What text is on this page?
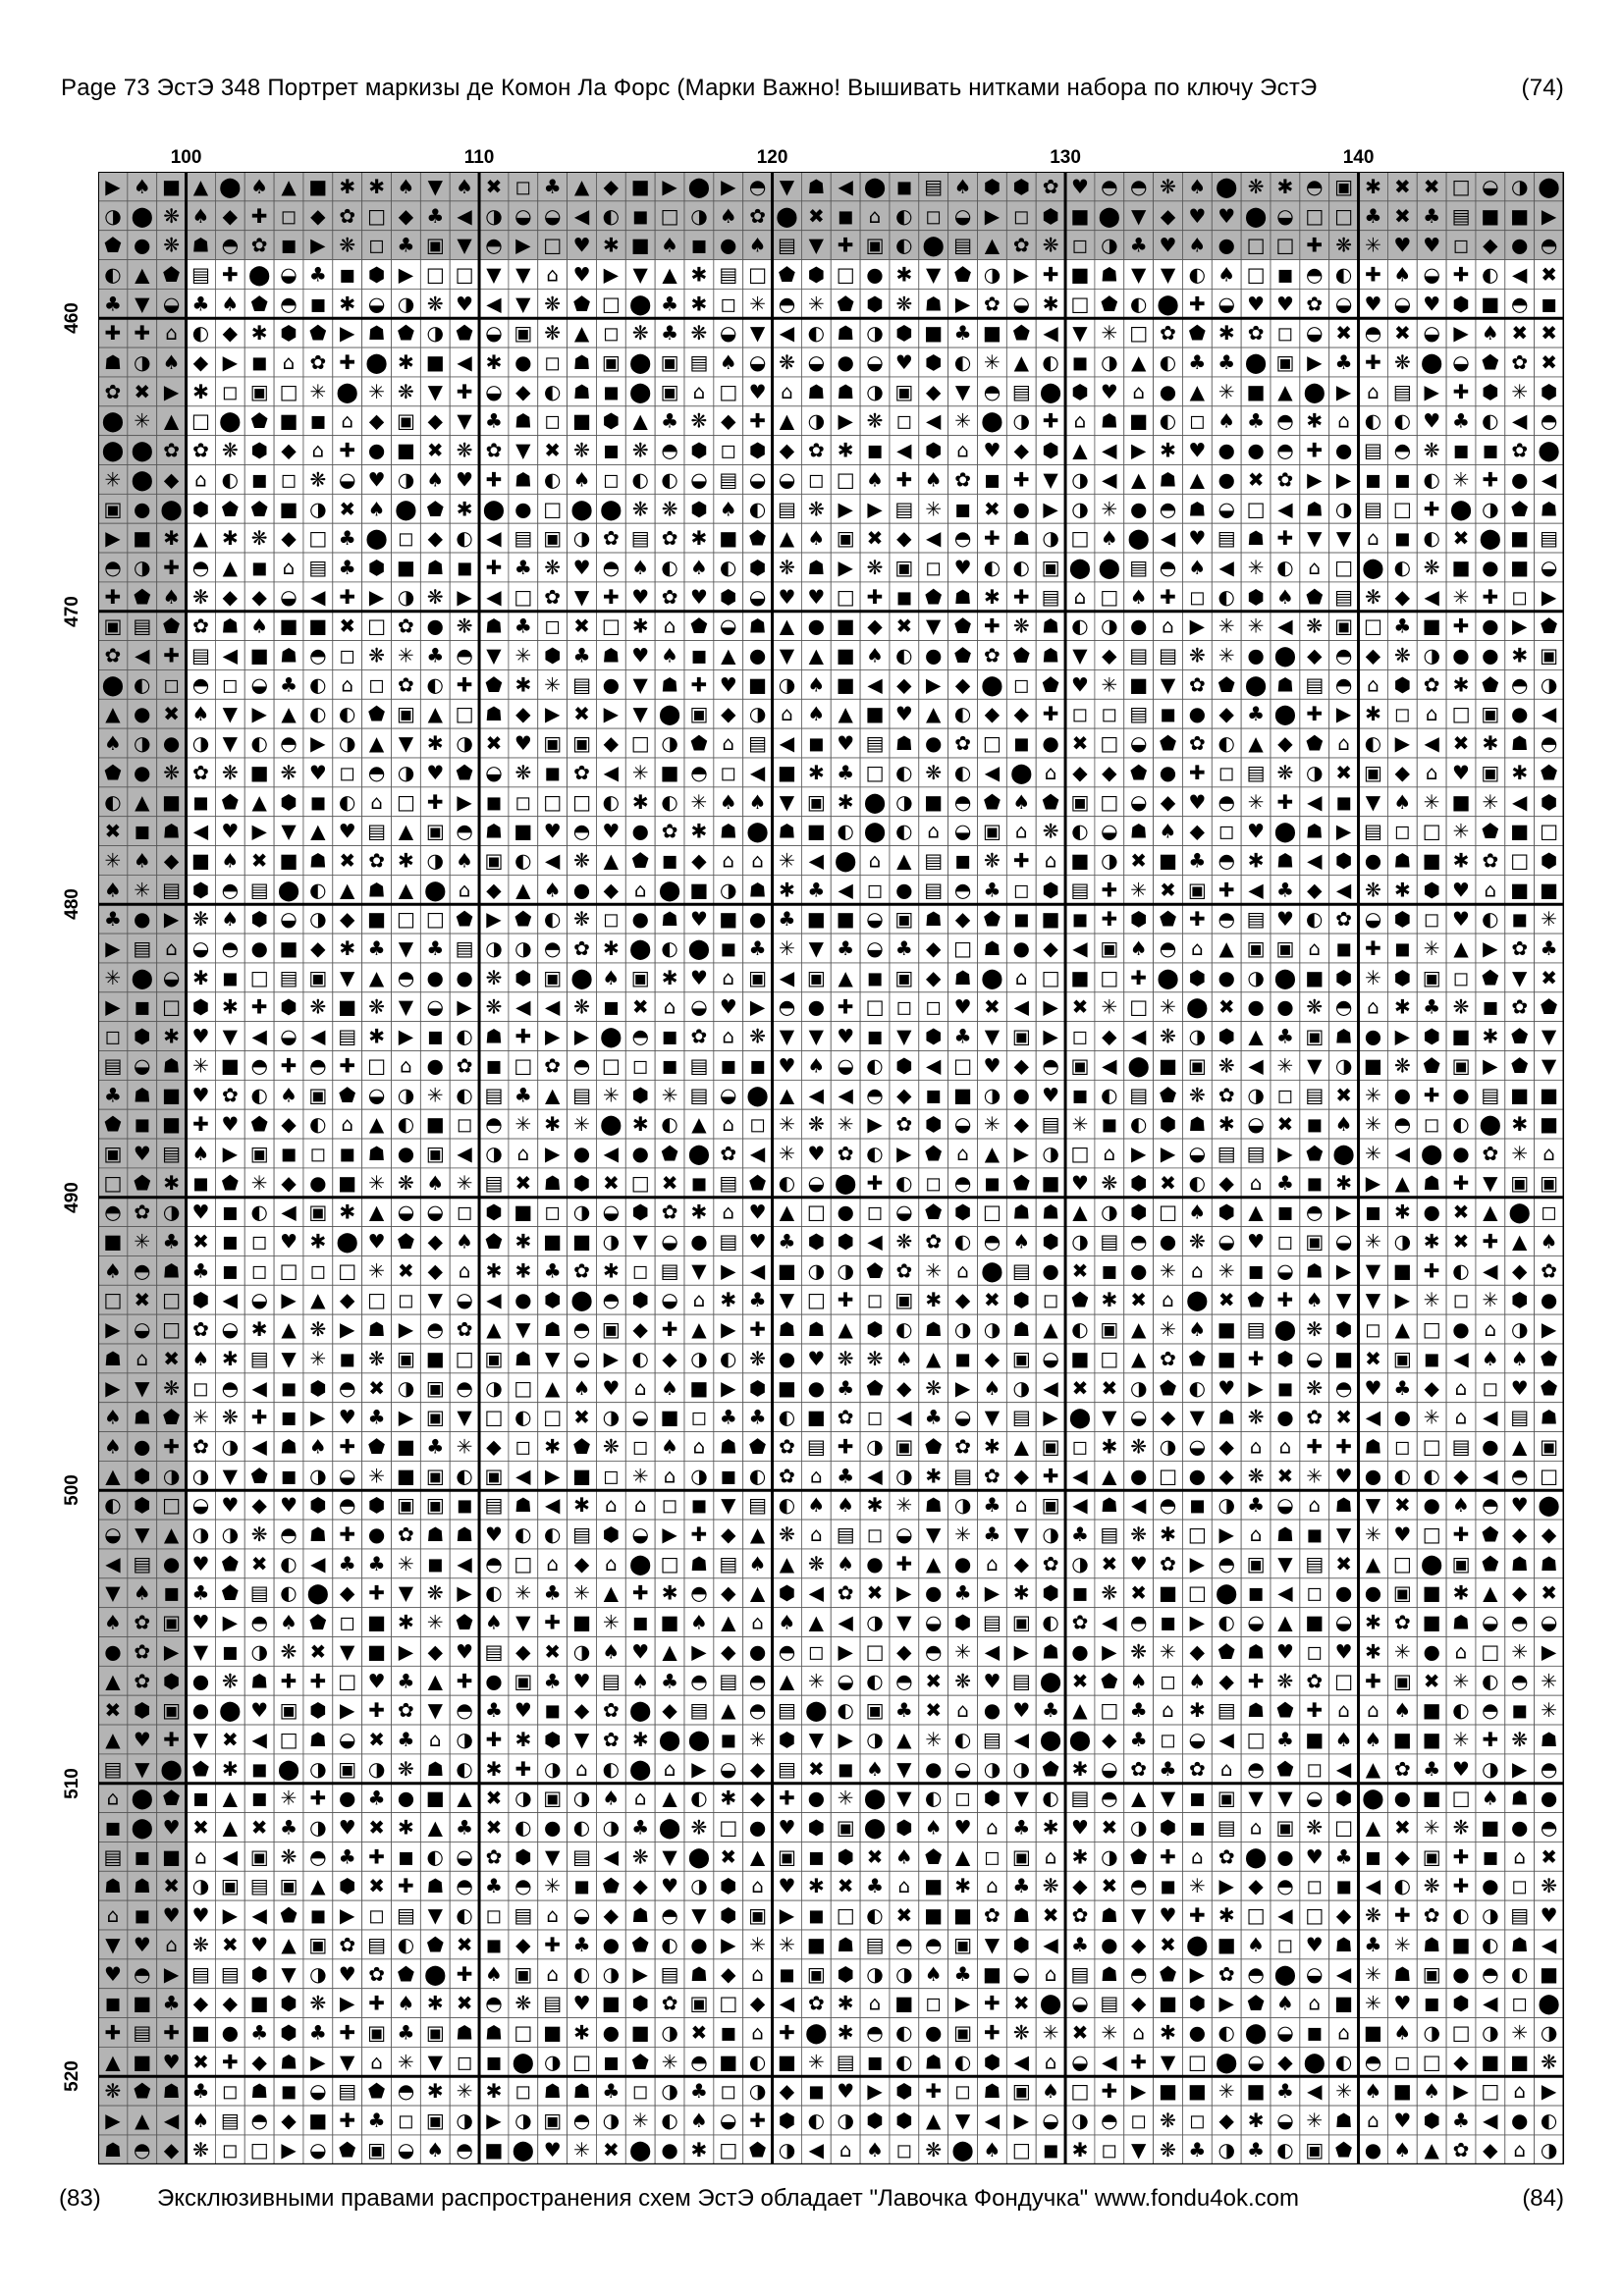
Page 73 ЭстЭ 348 Портрет маркизы де Комон Ла Форс (Марки Важно! Вышивать нитками набора по ключу ЭстЭ	(74)
100	110	120	130	140
460
470
480
490
500
510
520
▶ ♠ ■ ▲ ⬤ ♠ ▲ ■ ✱ ✱ ♠ ▼ ♠ ✖ ◻ ♣ ▲ ◆ ■ ▶ ⬤ ▶ ◓ ▼ ☗ ◀ ⬤ ◼ ▤ ♠ ⬢ ⬢ ✿ ♥ ◓ ◓ ❋ ♠ ⬤ ❋ ✱ ◓ ▣ ✱ ✖ ✖ □ ◒ ◑ ⬤
◑ ⬤ ❋ ♠ ◆ ✚ ◻ ◆ ✿ □ ◆ ♣ ◀ ◑ ◒ ◒ ◀ ◐ ◼ □ ◑ ♠ ✿ ⬤ ✖ ◼ ⌂ ◐ ◻ ◒ ▶ ◻ ⬢ ■ ⬤ ▼ ◆ ♥ ♥ ⬤ ◒ □ □ ♣ ✖ ♣ ▤ ■ ■ ▶
⬟ ● ❋ ☗ ◓ ✿ ◼ ▶ ❋ ◻ ♣ ▣ ▼ ◓ ▶ □ ♥ ✱ ■ ♠ ◼ ● ♠ ▤ ▼ ✚ ▣ ◐ ⬤ ▤ ▲ ✿ ❋ ◻ ◑ ♣ ♥ ♠ ● □ □ ✚ ❋ ✳ ♥ ♥ ◻ ◆ ● ◓
◐ ▲ ⬟ ▤ ✚ ⬤ ◒ ♣ ◼ ⬢ ▶ □ □ ▼ ▼ ⌂ ♥ ▶ ▼ ▲ ✱ ▤ □ ⬟ ⬢ □ ● ✱ ▼ ⬟ ◑ ▶ ✚ ■ ☗ ▼ ▼ ◐ ♠ □ ◼ ◓ ◐ ✚ ♠ ◒ ✚ ◐ ◀ ✖
♣ ▼ ◒ ♣ ♠ ⬟ ◓ ◼ ✱ ◒ ◑ ❋ ♥ ◀ ▼ ❋ ⬟ □ ⬤ ♣ ✱ ◻ ✳ ◓ ✳ ⬟ ⬢ ❋ ☗ ▶ ✿ ◒ ✱ □ ⬟ ◐ ⬤ ✚ ◒ ♥ ♥ ✿ ◒ ♥ ◒ ♥ ⬢ ■ ◓ ◼
✚ ✚ ⌂ ◐ ◆ ✱ ⬢ ⬟ ▶ ☗ ⬟ ◑ ⬟ ◒ ▣ ❋ ▲ ◻ ❋ ♣ ❋ ◒ ▼ ◀ ◐ ☗ ◑ ⬢ ■ ♣ ■ ⬟ ◀ ▼ ✳ □ ✿ ⬟ ✱ ✿ ◻ ◒ ✖ ◓ ✖ ◒ ▶ ♠ ✖ ✖
☗ ◑ ♠ ◆ ▶ ◼ ⌂ ✿ ✚ ⬤ ✱ ■ ◀ ✱ ● ◻ ☗ ▣ ⬤ ▣ ▤ ♠ ◒ ❋ ◒ ● ◒ ♥ ⬢ ◐ ✳ ▲ ◐ ◼ ◑ ▲ ◐ ♣ ♣ ⬤ ▣ ▶ ♣ ✚ ❋ ⬤ ◒ ⬟ ✿ ✖
✿ ✖ ▶ ✱ ◻ ▣ □ ✳ ⬤ ✳ ❋ ▼ ✚ ◒ ◆ ◐ ☗ ◼ ⬤ ▣ ⌂ □ ♥ ⌂ ☗ ☗ ◑ ▣ ◆ ▼ ◓ ▤ ⬤ ⬢ ♥ ⌂ ● ▲ ✳ ■ ▲ ⬤ ▶ ⌂ ▤ ▶ ✚ ⬢ ✳ ⬢
⬤ ✳ ▲ □ ⬤ ⬟ ■ ◼ ⌂ ◆ ▣ ◆ ▼ ♣ ☗ ◻ ■ ⬢ ▲ ♣ ❋ ◆ ✚ ▲ ◑ ▶ ❋ ◻ ◀ ✳ ⬤ ◑ ✚ ⌂ ☗ ■ ◐ ◻ ♠ ♣ ◓ ✱ ⌂ ◐ ◐ ♥ ♣ ◐ ◀ ◓
⬤ ⬤ ✿ ✿ ❋ ⬢ ◆ ⌂ ✚ ● ■ ✖ ❋ ✿ ▼ ✖ ❋ ◼ ❋ ◓ ⬢ ◻ ⬢ ◆ ✿ ✱ ◼ ◀ ⬢ ⌂ ♥ ◆ ⬢ ▲ ◀ ▶ ✱ ♥ ● ● ◓ ✚ ● ▤ ◓ ❋ ◼ ◼ ✿ ⬤
✳ ⬤ ◆ ⌂ ◐ ◼ ◻ ❋ ◒ ♥ ◑ ♠ ♥ ✚ ☗ ◐ ♠ ◻ ◐ ◐ ◒ ▤ ◒ ◒ ◻ □ ♠ ✚ ♠ ✿ ◼ ✚ ▼ ◑ ◀ ▲ ☗ ▲ ● ✖ ✿ ▶ ▶ ◼ ◼ ◐ ✳ ✚ ● ◀
▣ ● ⬤ ⬢ ⬟ ⬟ ■ ◑ ✖ ♠ ⬤ ⬟ ✱ ⬤ ● □ ⬤ ⬤ ❋ ❋ ⬢ ♠ ◐ ▤ ❋ ▶ ▶ ▤ ✳ ◼ ✖ ● ▶ ◑ ✳ ● ◓ ☗ ◒ □ ◀ ☗ ◑ ▤ □ ✚ ⬤ ◑ ⬟ ☗
▶ ■ ✱ ▲ ✱ ❋ ◆ □ ♣ ⬤ ◻ ◆ ◐ ◀ ▤ ▣ ◑ ✿ ▤ ✿ ✱ ■ ⬟ ▲ ♠ ▣ ✖ ◆ ◀ ◓ ✚ ☗ ◑ □ ♠ ⬤ ◀ ♥ ▤ ☗ ✚ ▼ ▼ ⌂ ◼ ◐ ✖ ⬤ ■ ▤
◓ ◑ ✚ ◓ ▲ ◼ ⌂ ▤ ♣ ⬢ ■ ☗ ◼ ✚ ♣ ❋ ♥ ◓ ♠ ◐ ♠ ◐ ⬢ ❋ ☗ ▶ ❋ ▣ ◻ ♥ ◐ ◐ ▣ ⬤ ⬤ ▤ ◓ ♠ ◀ ✳ ◐ ⌂ □ ⬤ ◐ ❋ ■ ● ■ ◒
✚ ⬟ ♠ ❋ ◆ ◆ ◒ ◀ ✚ ▶ ◑ ❋ ▶ ◀ □ ✿ ▼ ✚ ♥ ✿ ♥ ⬢ ◒ ♥ ♥ □ ✚ ◼ ⬟ ☗ ✱ ✚ ▤ ⌂ □ ♠ ✚ ◻ ◐ ⬢ ♠ ⬟ ▤ ❋ ◆ ◀ ✳ ✚ ◻ ▶
▣ ▤ ⬟ ✿ ☗ ♠ ■ ■ ✖ □ ✿ ● ❋ ☗ ♣ ◻ ✖ □ ✱ ⌂ ⬟ ◒ ☗ ▲ ● ■ ◆ ✖ ▼ ⬟ ✚ ❋ ☗ ◐ ◑ ● ⌂ ▶ ✳ ✳ ◀ ❋ ▣ □ ♣ ■ ✚ ● ▶ ⬟
✿ ◀ ✚ ▤ ◀ ■ ☗ ◓ ◻ ❋ ✳ ♣ ◓ ▼ ✳ ⬢ ♣ ☗ ♥ ♠ ◼ ▲ ● ▼ ▲ ■ ♠ ◐ ● ⬟ ✿ ⬟ ☗ ▼ ◆ ▤ ▤ ❋ ✳ ● ⬤ ◆ ◓ ◆ ❋ ◑ ● ● ✱ ▣
⬤ ◐ ◻ ◓ ◻ ◒ ♣ ◐ ⌂ ◻ ✿ ◐ ✚ ⬟ ✱ ✳ ▤ ● ▼ ☗ ✚ ♥ ■ ◑ ♠ ■ ◀ ◆ ▶ ◆ ⬤ ◻ ⬟ ♥ ✳ ■ ▼ ✿ ⬟ ⬤ ☗ ▤ ◓ ⌂ ⬢ ✿ ✱ ⬟ ◓ ◑
▲ ● ✖ ♠ ▼ ▶ ▲ ◐ ◐ ⬟ ▣ ▲ □ ☗ ◆ ▶ ✖ ▶ ▼ ⬤ ▣ ◆ ◑ ⌂ ♠ ▲ ■ ♥ ▲ ◐ ◆ ◆ ✚ ◻ ◻ ▤ ◼ ● ◆ ♣ ⬤ ✚ ▶ ✱ ◻ ⌂ □ ▣ ● ◀
♠ ◑ ● ◑ ▼ ◐ ◓ ▶ ◑ ▲ ▼ ✱ ◑ ✖ ♥ ▣ ▣ ◆ □ ◑ ⬟ ⌂ ▤ ◀ ◼ ♥ ▤ ☗ ● ✿ □ ◼ ● ✖ □ ◒ ⬟ ✿ ◐ ▲ ◆ ⬟ ⌂ ◐ ▶ ◀ ✖ ✱ ☗ ◓
⬟ ● ❋ ✿ ❋ ■ ❋ ♥ ◻ ◓ ◑ ♥ ⬟ ◒ ❋ ◼ ✿ ◀ ✳ ■ ◓ ◻ ◀ ■ ✱ ♣ □ ◐ ❋ ◐ ◀ ⬤ ⌂ ◆ ◆ ⬟ ● ✚ ◻ ▤ ❋ ◑ ✖ ▣ ◆ ⌂ ♥ ▣ ✱ ⬟
◐ ▲ ■ ◼ ⬟ ▲ ⬢ ◼ ◐ ⌂ □ ✚ ▶ ◼ ◻ □ □ ◐ ✱ ◐ ✳ ♠ ♠ ▼ ▣ ✱ ⬤ ◑ ■ ◓ ⬟ ♠ ⬟ ▣ □ ◒ ◆ ♥ ◓ ✳ ✚ ◀ ◼ ▼ ♠ ✳ ■ ✳ ◀ ⬢
✖ ◼ ☗ ◀ ♥ ▶ ▼ ▲ ♥ ▤ ▲ ▣ ◓ ☗ ■ ♥ ◓ ♥ ● ✿ ✱ ☗ ⬤ ☗ ■ ◐ ⬤ ◐ ⌂ ◒ ▣ ⌂ ❋ ◐ ◒ ☗ ♠ ◆ ◻ ♥ ⬤ ☗ ▶ ▤ ◻ □ ✳ ⬟ ■ □
✳ ♠ ◆ ■ ♠ ✖ ■ ☗ ✖ ✿ ✱ ◑ ♠ ▣ ◐ ◀ ❋ ▲ ⬟ ◼ ◆ ⌂ ⌂ ✳ ◀ ⬤ ⌂ ▲ ▤ ◼ ❋ ✚ ⌂ ■ ◑ ✖ ■ ♣ ◓ ✱ ☗ ◀ ⬢ ● ☗ ■ ✱ ✿ □ ⬢
♠ ✳ ▤ ⬢ ◓ ▤ ⬤ ◐ ▲ ☗ ▲ ⬤ ⌂ ◆ ▲ ♠ ● ◆ ⌂ ⬤ ■ ◑ ☗ ✱ ♣ ◀ ◻ ● ▤ ◓ ♣ ◻ ⬢ ▤ ✚ ✳ ✖ ▣ ✚ ◀ ♣ ◆ ◀ ❋ ✱ ⬢ ♥ ⌂ ■ ■
♣ ● ▶ ❋ ♠ ⬢ ◒ ◑ ◆ ■ □ □ ⬟ ▶ ⬟ ◐ ❋ ◻ ● ☗ ♥ ■ ● ♣ ■ ■ ◒ ▣ ☗ ◆ ⬟ ◼ ■ ◼ ✚ ⬢ ⬟ ✚ ◓ ▤ ♥ ◐ ✿ ◒ ⬢ ◻ ♥ ◐ ◼ ✳
▶ ▤ ⌂ ◒ ◓ ● ■ ◆ ✱ ♣ ▼ ♣ ▤ ◑ ◑ ◓ ✿ ✱ ⬤ ◐ ⬤ ◼ ♣ ✳ ▼ ♣ ◒ ♣ ◆ □ ☗ ● ◆ ◀ ▣ ♠ ◓ ⌂ ▲ ▣ ▣ ⌂ ◼ ✚ ◼ ✳ ▲ ▶ ✿ ♣
✳ ⬤ ◒ ✱ ◼ □ ▤ ▣ ▼ ▲ ◓ ● ● ❋ ⬢ ▣ ⬤ ♠ ▣ ✱ ♥ ⌂ ▣ ◀ ▣ ▲ ◼ ▣ ◆ ☗ ⬤ ⌂ □ ■ □ ✚ ⬤ ⬢ ● ◑ ⬤ ■ ⬢ ✳ ⬢ ▣ ◻ ⬟ ▼ ✖
▶ ◼ □ ⬢ ✱ ✚ ⬢ ❋ ■ ❋ ▼ ◒ ▶ ❋ ◀ ◀ ❋ ◼ ✖ ⌂ ◒ ♥ ▶ ◓ ● ✚ □ ◻ ◻ ♥ ✖ ◀ ▶ ✖ ✳ □ ✳ ⬤ ✖ ● ● ❋ ◓ ⌂ ✱ ♣ ❋ ◼ ✿ ⬟
◻ ⬢ ✱ ♥ ▼ ◀ ◒ ◀ ▤ ✱ ▶ ◼ ◐ ☗ ✚ ▶ ▶ ⬤ ◓ ◼ ✿ ⌂ ❋ ▼ ▼ ♥ ◼ ▼ ⬢ ♣ ▼ ▣ ▶ ◻ ◆ ◀ ❋ ◑ ⬢ ▲ ♣ ▣ ☗ ● ▶ ⬢ ■ ✱ ⬟ ▼
▤ ◒ ☗ ✳ ■ ◓ ✚ ◓ ✚ □ ⌂ ● ✿ ◼ □ ✿ ◓ □ ◻ ◼ ▤ ◼ ◼ ♥ ♠ ◒ ◐ ⬢ ◀ □ ♥ ◆ ◓ ▣ ◀ ⬤ ■ ▣ ❋ ◀ ✳ ▼ ◑ ■ ❋ ⬟ ▣ ▶ ⬟ ▼
♣ ☗ ■ ♥ ✿ ◐ ♠ ▣ ⬟ ◒ ◑ ✳ ◐ ▤ ♣ ▲ ▤ ✳ ⬢ ✳ ▤ ◒ ⬤ ▲ ◀ ◀ ◓ ◆ ◼ ■ ◑ ● ♥ ◼ ◐ ▤ ⬟ ❋ ✿ ◑ ◻ ▤ ✖ ✳ ● ✚ ● ▤ ■ ■
⬟ ◼ ■ ✚ ♥ ⬟ ◆ ◐ ⌂ ▲ ◐ ■ ◻ ◓ ✳ ✱ ✳ ⬤ ✱ ◐ ▲ ⌂ ◻ ✳ ❋ ✳ ▶ ✿ ⬢ ◒ ✳ ◆ ▤ ✳ ◼ ◐ ⬢ ☗ ✱ ◒ ✖ ◼ ♠ ✳ ◓ ◻ ◐ ⬤ ✱ ■
▣ ♥ ▤ ♠ ▶ ▣ ◼ ◻ ◼ ☗ ● ▣ ◀ ◑ ⌂ ▶ ● ◀ ● ⬟ ⬤ ✿ ◀ ✳ ♥ ✿ ◐ ▶ ⬟ ⌂ ▲ ▶ ◑ □ ⌂ ▶ ▶ ◒ ▤ ▤ ▶ ⬟ ⬤ ✳ ◀ ⬤ ● ✿ ✳ ⌂
□ ⬟ ✱ ◼ ⬟ ✳ ◆ ● ■ ✳ ❋ ♠ ✳ ▤ ✖ ☗ ⬢ ✖ □ ✖ ◼ ▤ ⬟ ◐ ◒ ⬤ ✚ ◐ ◻ ◓ ◼ ⬟ ■ ♥ ❋ ⬢ ✖ ◐ ◆ ⌂ ♣ ◼ ✱ ▶ ▲ ☗ ✚ ▼ ▣ ▣
◓ ✿ ◑ ♥ ◼ ◐ ◀ ▣ ✱ ▲ ◒ ◒ ◻ ⬢ ■ ◻ ◑ ◒ ⬢ ✿ ✱ ⌂ ♥ ▲ □ ● ◻ ◒ ⬟ ⬢ □ ☗ ☗ ▲ ◑ ⬢ □ ♠ ⬢ ▲ ◼ ◓ ▶ ◼ ✱ ● ✖ ▲ ⬤ ◻
■ ✳ ♣ ✖ ◼ ◻ ♥ ✱ ⬤ ♥ ⬟ ◆ ♠ ⬟ ✱ ■ ■ ◑ ▼ ◒ ● ▤ ♥ ♣ ⬢ ⬢ ◀ ❋ ✿ ◐ ◓ ♠ ⬢ ◑ ▤ ◓ ● ❋ ◒ ♥ ◻ ▣ ◒ ✳ ◑ ✱ ✖ ✚ ▲ ♠
♠ ◓ ☗ ♣ ◼ ◻ □ ◻ □ ✳ ✖ ◆ ⌂ ✱ ✱ ♣ ✿ ✱ ◻ ▤ ▼ ▶ ◀ ■ ◑ ◑ ⬟ ✿ ✳ ⌂ ⬤ ▤ ● ✖ ◼ ● ✳ ⌂ ✳ ◼ ◒ ☗ ▶ ▼ ■ ✚ ◐ ◀ ◆ ✿
□ ✖ □ ⬢ ◀ ◒ ▶ ▲ ◆ □ ◻ ▼ ◒ ◀ ● ⬢ ⬤ ◓ ⬢ ◒ ⌂ ✱ ♣ ▼ □ ✚ ◻ ▣ ✱ ◆ ✖ ⬢ ◻ ⬟ ✱ ✖ ⌂ ⬤ ✖ ⬟ ✚ ♠ ▼ ▼ ▶ ✳ ◻ ✳ ⬢ ●
▶ ◒ □ ✿ ◒ ✱ ▲ ❋ ▶ ☗ ▶ ◓ ✿ ▲ ▼ ☗ ◓ ▣ ◆ ✚ ▲ ▶ ✚ ☗ ☗ ▲ ⬢ ◐ ☗ ◑ ◑ ☗ ▲ ◐ ▣ ▲ ✳ ♠ ■ ▤ ⬤ ❋ ⬢ ◻ ▲ □ ● ⌂ ◑ ▶
☗ ⌂ ✖ ♠ ✱ ▤ ▼ ✳ ◼ ❋ ▣ ■ □ ▣ ☗ ▼ ◒ ▶ ◐ ◆ ◑ ◐ ❋ ● ♥ ❋ ❋ ♠ ▲ ◼ ◆ ▣ ◒ ■ □ ▲ ✿ ⬟ ■ ✚ ⬢ ◒ ■ ✖ ▣ ◼ ◀ ♠ ♠ ⬟
▶ ▼ ❋ ◻ ◓ ◀ ◼ ⬢ ◓ ✖ ◑ ▣ ◓ ◑ □ ▲ ♠ ♥ ⌂ ♠ ■ ▶ ⬢ ■ ● ♣ ⬟ ◆ ❋ ▶ ♠ ◑ ◀ ✖ ✖ ◑ ⬟ ◐ ♥ ▶ ◼ ❋ ◓ ♥ ♣ ◆ ⌂ ◻ ♥ ⬟
♠ ☗ ⬟ ✳ ❋ ✚ ◼ ▶ ♥ ♣ ▶ ▣ ▼ □ ◐ □ ✖ ◑ ◒ ■ ◻ ♣ ♣ ◐ ■ ✿ ◻ ◀ ♣ ◒ ▼ ▤ ▶ ⬤ ▼ ◒ ◆ ▼ ☗ ❋ ● ✿ ✖ ◀ ● ✳ ⌂ ◀ ▤ ☗
♠ ● ✚ ✿ ◑ ◀ ☗ ♠ ✚ ⬟ ■ ♣ ✳ ◆ ◻ ✱ ⬟ ❋ ◻ ♠ ⌂ ☗ ⬟ ✿ ▤ ✚ ◑ ▣ ⬟ ✿ ✱ ▲ ▣ ◻ ✱ ❋ ◑ ◒ ◆ ⌂ ⌂ ✚ ✚ ☗ ◻ □ ▤ ● ▲ ▣
▲ ⬢ ◑ ◑ ▼ ⬟ ◼ ◑ ◒ ✳ ■ ▣ ◐ ▣ ◀ ▶ ■ ◻ ✳ ⌂ ◑ ◼ ◐ ✿ ⌂ ♣ ◀ ◑ ✱ ▤ ✿ ◆ ✚ ◀ ▲ ● □ ● ◆ ❋ ✖ ✳ ♥ ● ◐ ◐ ◆ ◀ ◓ □
◐ ⬢ □ ◒ ♥ ◆ ♥ ⬢ ◓ ⬢ ▣ ▣ ◼ ▤ ☗ ◀ ✱ ⌂ ⌂ ◻ ◼ ▼ ▤ ◐ ♠ ♠ ✱ ✳ ☗ ◑ ♣ ⌂ ▣ ◀ ☗ ◀ ◓ ◼ ◑ ♣ ◒ ⌂ ☗ ▼ ✖ ● ♠ ◓ ♥ ⬤
◒ ▼ ▲ ◑ ◑ ❋ ◓ ☗ ✚ ● ✿ ☗ ☗ ♥ ◐ ◐ ▤ ⬢ ◒ ▶ ✚ ◆ ▲ ❋ ⌂ ▤ ◻ ◒ ▼ ✳ ♣ ▼ ◑ ♣ ▤ ❋ ✱ □ ▶ ⌂ ☗ ◼ ▼ ✳ ♥ □ ✚ ⬟ ◆ ◆
◀ ▤ ● ♥ ⬟ ✖ ◐ ◀ ♣ ♣ ✳ ◼ ◀ ◓ □ ⌂ ◆ ⌂ ⬤ □ ☗ ▤ ♠ ▲ ❋ ♠ ● ✚ ▲ ● ⌂ ◆ ✿ ◑ ✖ ♥ ✿ ▶ ◓ ▣ ▼ ▤ ✖ ▲ □ ⬤ ▣ ⬟ ☗ ☗
▼ ♠ ◼ ♣ ⬟ ▤ ◐ ⬤ ◆ ✚ ▼ ❋ ▶ ◐ ✳ ♣ ✳ ▲ ✚ ✱ ◓ ◆ ▲ ⬢ ◀ ✿ ✖ ▶ ● ♣ ▶ ✱ ⬢ ◼ ❋ ✖ ■ □ ⬤ ◼ ◀ ◻ ● ● ▣ ■ ✱ ▲ ◆ ✖
♠ ✿ ▣ ♥ ▶ ◓ ♠ ⬟ ◻ ■ ✱ ✳ ⬟ ♠ ▼ ✚ ■ ✳ ◼ ■ ♠ ▲ ⌂ ♠ ▲ ◀ ◑ ▼ ◒ ⬢ ▤ ▣ ◐ ✿ ◀ ◓ ◼ ▶ ◐ ◒ ▲ ■ ◒ ✱ ✿ ■ ☗ ◒ ◓ ◒
● ✿ ▶ ▼ ◼ ◑ ❋ ✖ ▼ ■ ▶ ◆ ♥ ▤ ◆ ✖ ◑ ♠ ♥ ▲ ▶ ◆ ● ◓ ◻ ▶ □ ◆ ◓ ✳ ◀ ▶ ☗ ● ▶ ❋ ✳ ◆ ⬟ ☗ ♥ ◻ ♥ ✱ ✳ ● ⌂ □ ✳ ▶
▲ ✿ ⬢ ● ❋ ☗ ✚ ✚ □ ♥ ♣ ▲ ✚ ● ▣ ♣ ♥ ▤ ♠ ♣ ◓ ▤ ◓ ▲ ✳ ◒ ◐ ◓ ✖ ❋ ♥ ▤ ⬤ ✖ ⬟ ♠ ◻ ♠ ◆ ✚ ❋ ✿ □ ✚ ▣ ✖ ✳ ◐ ◓ ✳
✖ ⬢ ▣ ● ⬤ ♥ ▣ ⬢ ▶ ✚ ✿ ▼ ◓ ♣ ♥ ◼ ◆ ✿ ⬤ ◆ ▤ ▲ ◓ ▤ ⬤ ◐ ▣ ♣ ✖ ⌂ ● ♥ ♣ ▲ □ ♣ ⌂ ✱ ▤ ☗ ⬟ ✚ ⌂ ⌂ ♠ ■ ◐ ◓ ◼ ✳
▲ ♥ ✚ ▼ ✖ ◀ □ ☗ ◒ ✖ ♣ ⌂ ◑ ✚ ✱ ⬢ ▼ ✿ ✱ ⬤ ⬤ ◼ ✳ ⬢ ▼ ▶ ◑ ▲ ✳ ◐ ▤ ◀ ⬤ ⬤ ◆ ♣ ◻ ◒ ◀ □ ♣ ■ ♠ ♠ ■ ■ ✳ ✚ ❋ ☗
▤ ▼ ⬤ ⬟ ✱ ◼ ⬤ ◑ ▣ ◑ ❋ ☗ ◐ ✱ ✚ ◑ ⌂ ◐ ⬤ ⌂ ▶ ◒ ◆ ▤ ✖ ◼ ♠ ▼ ● ◒ ◑ ◑ ⬟ ✱ ◒ ✿ ♣ ✿ ⌂ ◓ ⬟ ◻ ◀ ▲ ✿ ♣ ♥ ◑ ▶ ◓
⌂ ⬤ ⬟ ◼ ▲ ◼ ✳ ✚ ● ♣ ● ■ ▲ ✖ ◑ ▣ ◑ ♠ ⌂ ▲ ◐ ✱ ◆ ✚ ● ✳ ⬤ ▼ ◐ ◻ ⬢ ▼ ◐ ▤ ◓ ▲ ▼ ◼ ▣ ▼ ▼ ◒ ⬢ ⬤ ● ■ □ ♠ ☗ ●
◼ ⬤ ♥ ✖ ▲ ✖ ♣ ◑ ♥ ✖ ✱ ▲ ♣ ✖ ◐ ● ◐ ◑ ♣ ⬤ ❋ □ ● ♥ ⬢ ▣ ⬤ ⬢ ♠ ♥ ⌂ ♣ ✱ ♥ ✖ ◑ ⬢ ◼ ▤ ⌂ ▣ ❋ □ ▲ ✖ ✳ ❋ ■ ● ◓
▤ ◼ ■ ⌂ ◀ ▣ ❋ ◓ ♣ ✚ ◼ ◐ ◒ ✿ ⬢ ▼ ▤ ◀ ❋ ▼ ⬤ ✖ ▲ ▣ ◼ ⬢ ✖ ♠ ⬟ ▲ ◻ ▣ ⌂ ✱ ◑ ⬟ ✚ ⌂ ✿ ⬤ ● ♥ ♣ ◼ ◆ ▣ ✚ ◼ ⌂ ✖
☗ ☗ ✖ ◑ ▣ ▤ ▣ ▲ ⬢ ✖ ✚ ☗ ◓ ♣ ◓ ✳ ◼ ⬟ ◆ ♥ ◑ ⬢ ⌂ ♥ ✱ ✖ ♣ ⌂ ■ ✱ ⌂ ♣ ❋ ◆ ✖ ◓ ◼ ✳ ▶ ◆ ◓ ◻ ◼ ◀ ◐ ❋ ✚ ● ◻ ❋
⌂ ◼ ♥ ♥ ▶ ◀ ⬟ ◼ ▶ ◻ ▤ ▼ ◐ ◻ ▤ ⌂ ◒ ◆ ☗ ◓ ▼ ⬢ ▣ ▶ ◼ □ ◐ ✖ ■ ■ ✿ ☗ ✖ ✿ ☗ ▼ ♥ ✚ ✱ □ ◀ □ ◆ ❋ ✚ ✿ ◐ ◑ ▤ ♥
▼ ♥ ⌂ ❋ ✖ ♥ ▲ ▣ ✿ ▤ ◐ ⬟ ✖ ◼ ◆ ✚ ♣ ● ⬟ ◐ ● ▶ ✳ ✳ ■ ☗ ▤ ◓ ◓ ▣ ▼ ⬢ ◀ ♣ ● ◆ ✖ ⬤ ■ ♠ ◻ ♥ ☗ ♣ ✳ ☗ ■ ◐ ☗ ◀
♥ ◓ ▶ ▤ ▤ ⬢ ▼ ◑ ♥ ✿ ⬟ ⬤ ✚ ♠ ▣ ⌂ ◐ ◑ ▶ ▤ ☗ ◆ ⌂ ◼ ▣ ⬢ ◑ ◑ ♠ ♣ ■ ◒ ⌂ ▤ ☗ ◓ ⬟ ▶ ✿ ◓ ⬤ ◒ ◀ ✳ ☗ ▣ ● ◓ ◐ ■
◼ ■ ♣ ◆ ◆ ■ ⬢ ❋ ▶ ✚ ♠ ✱ ✖ ◓ ❋ ▤ ♥ ■ ⬢ ✿ ▣ □ ◆ ◀ ✿ ✱ ⌂ ■ ◻ ▶ ✚ ✖ ⬤ ◒ ▤ ◆ ■ ⬢ ▶ ⬟ ♠ ⌂ ■ ✳ ♥ ◼ ⬢ ◀ ◻ ⬤
✚ ▤ ✚ ■ ● ♣ ⬢ ♣ ✚ ▣ ♣ ▣ ☗ ☗ □ ■ ✱ ● ■ ◑ ✖ ◼ ⌂ ✚ ⬤ ✱ ◓ ◐ ● ▣ ✚ ❋ ✳ ✖ ✳ ⌂ ✱ ● ◐ ⬤ ◒ ◼ ⌂ ■ ♠ ◑ □ ◑ ✳ ◑
▲ ■ ♥ ✖ ✚ ◆ ☗ ▶ ▼ ⌂ ✳ ▼ ◻ ◼ ⬤ ◑ □ ◼ ⬟ ✳ ◓ ■ ◐ ■ ✳ ▤ ◼ ◐ ☗ ◐ ⬢ ◀ ⌂ ◒ ◀ ✚ ▼ □ ⬤ ◒ ◆ ⬤ ◐ ◓ ◻ □ ◆ ■ ■ ❋
❋ ⬟ ☗ ♣ ◻ ☗ ◼ ◒ ▤ ⬟ ◓ ✱ ✳ ✱ ◻ ☗ ☗ ♣ ◻ ◑ ♣ ◻ ◑ ◆ ◼ ♥ ▶ ⬢ ✚ ◻ ☗ ▣ ♠ □ ✚ ▶ ■ ■ ✳ ■ ♣ ◀ ✳ ♠ ■ ♠ ▶ □ ⌂ ▶
▶ ▲ ◀ ♠ ▤ ◓ ◆ ■ ✚ ♣ ◻ ▣ ◑ ▶ ◑ ▣ ◓ ◑ ✳ ◐ ♠ ◒ ✚ ⬢ ◐ ◑ ⬢ ⬢ ▲ ▼ ◀ ▶ ◒ ◑ ◓ ◻ ❋ ◻ ◆ ✱ ◒ ✳ ☗ ⌂ ♥ ⬢ ♣ ◀ ● ◐
☗ ◓ ◆ ❋ ◻ □ ▶ ◒ ⬟ ▣ ◒ ♠ ◓ ■ ⬤ ♥ ✳ ✖ ⬤ ● ✱ □ ⬟ ◑ ◀ ⌂ ♠ ◻ ❋ ⬤ ♠ □ ◼ ✱ ◻ ▼ ❋ ♣ ◑ ♣ ◐ ▣ ⬟ ● ♠ ▲ ✿ ◆ ⌂ ◑
(83) Эксклюзивными правами распространения схем ЭстЭ обладает "Лавочка Фондучка" www.fondu4ok.com	(84)
